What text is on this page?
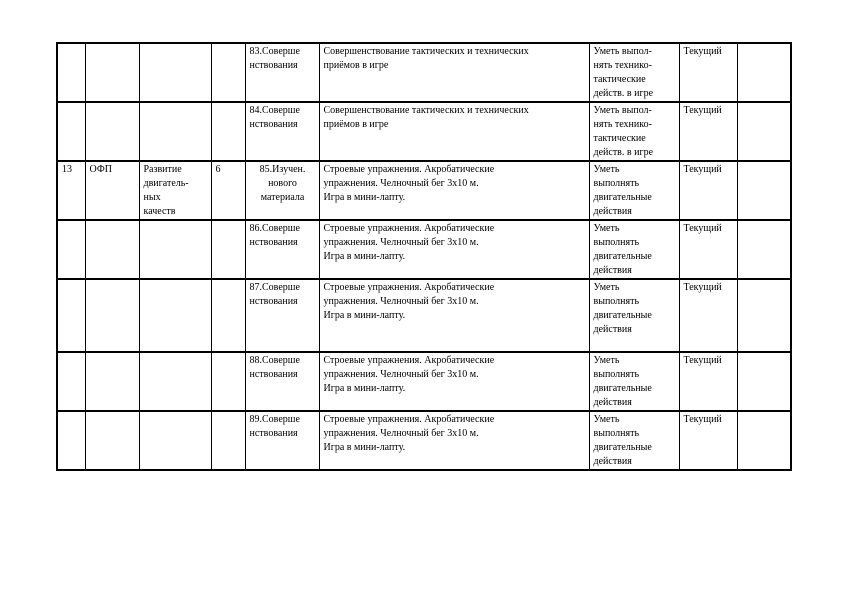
				83.Соверше
нствования	Совершенствование тактических и технических
приёмов в игре	Уметь выпол-
нять технико-
тактические
действ. в игре	Текущий	
				84.Соверше
нствования	Совершенствование тактических и технических
приёмов в игре	Уметь выпол-
нять технико-
тактические
действ. в игре	Текущий	
13	ОФП	Развитие
двигатель-
ных
качеств	6	85.Изучен.
нового
материала	Строевые упражнения. Акробатические
упражнения. Челночный бег 3х10 м.
Игра в мини-лапту.	Уметь
выполнять
двигательные
действия	Текущий	
				86.Соверше
нствования	Строевые упражнения. Акробатические
упражнения. Челночный бег 3х10 м.
Игра в мини-лапту.	Уметь
выполнять
двигательные
действия	Текущий	
				87.Соверше
нствования	Строевые упражнения. Акробатические
упражнения. Челночный бег 3х10 м.
Игра в мини-лапту.	Уметь
выполнять
двигательные
действия	Текущий	
				88.Соверше
нствования	Строевые упражнения. Акробатические
упражнения. Челночный бег 3х10 м.
Игра в мини-лапту.	Уметь
выполнять
двигательные
действия	Текущий	
				89.Соверше
нствования	Строевые упражнения. Акробатические
упражнения. Челночный бег 3х10 м.
Игра в мини-лапту.	Уметь
выполнять
двигательные
действия	Текущий	
